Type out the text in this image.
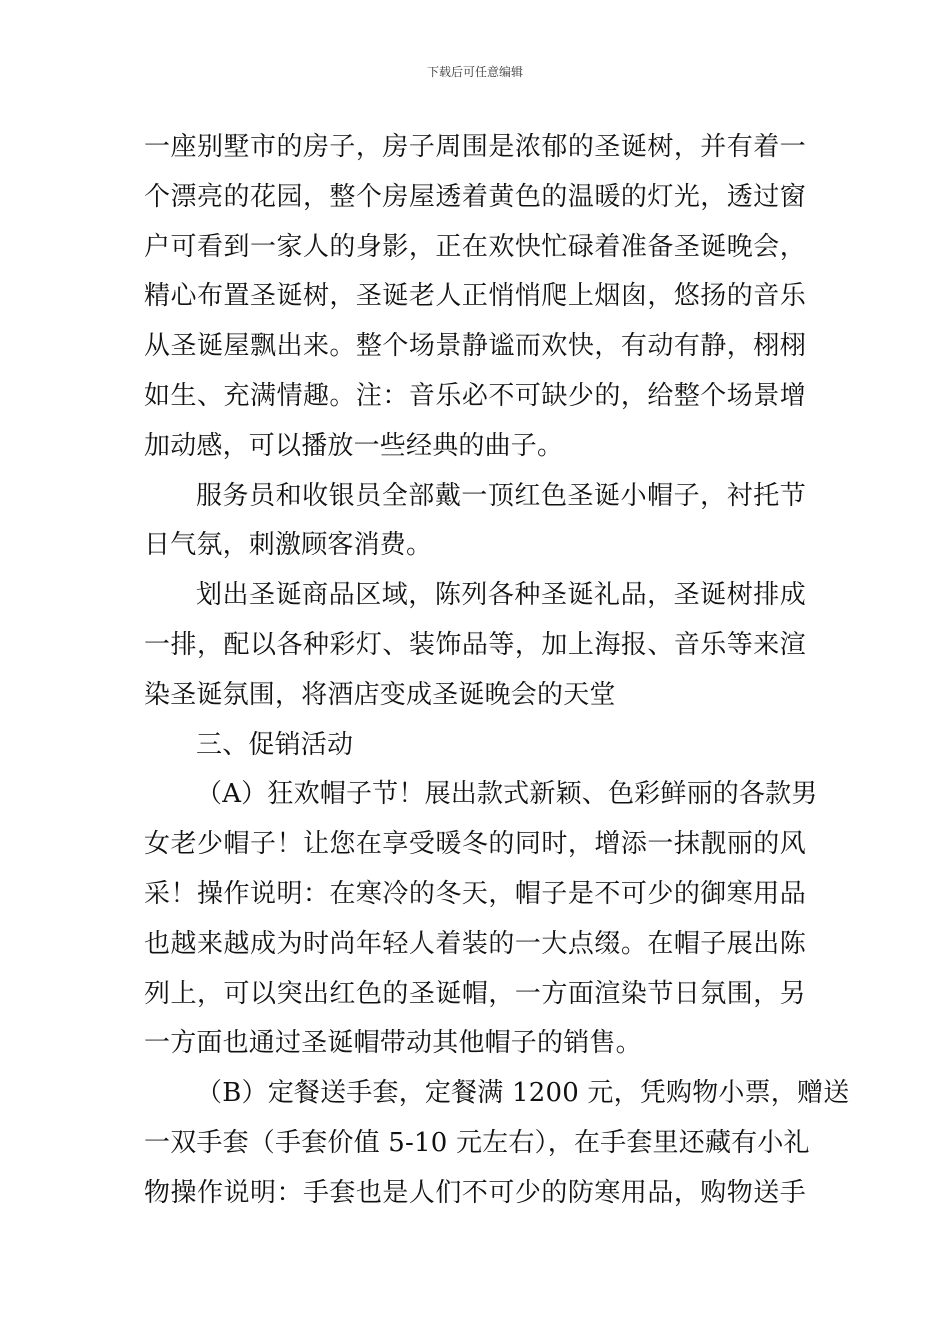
下载后可任意编辑
一座别墅市的房子，房子周围是浓郁的圣诞树，并有着一
个漂亮的花园，整个房屋透着黄色的温暖的灯光，透过窗
户可看到一家人的身影，正在欢快忙碌着准备圣诞晚会，
精心布置圣诞树，圣诞老人正悄悄爬上烟囱，悠扬的音乐
从圣诞屋飘出来。整个场景静谧而欢快，有动有静，栩栩
如生、充满情趣。注：音乐必不可缺少的，给整个场景增
加动感，可以播放一些经典的曲子。
服务员和收银员全部戴一顶红色圣诞小帽子，衬托节
日气氛，刺激顾客消费。
划出圣诞商品区域，陈列各种圣诞礼品，圣诞树排成
一排，配以各种彩灯、装饰品等，加上海报、音乐等来渲
染圣诞氛围，将酒店变成圣诞晚会的天堂
三、促销活动
（A）狂欢帽子节！展出款式新颖、色彩鲜丽的各款男
女老少帽子！让您在享受暖冬的同时，增添一抹靓丽的风
采！操作说明：在寒冷的冬天，帽子是不可少的御寒用品
也越来越成为时尚年轻人着装的一大点缀。在帽子展出陈
列上，可以突出红色的圣诞帽，一方面渲染节日氛围，另
一方面也通过圣诞帽带动其他帽子的销售。
（B）定餐送手套，定餐满 1200 元，凭购物小票，赠送
一双手套（手套价值 5-10 元左右），在手套里还藏有小礼
物操作说明：手套也是人们不可少的防寒用品，购物送手
